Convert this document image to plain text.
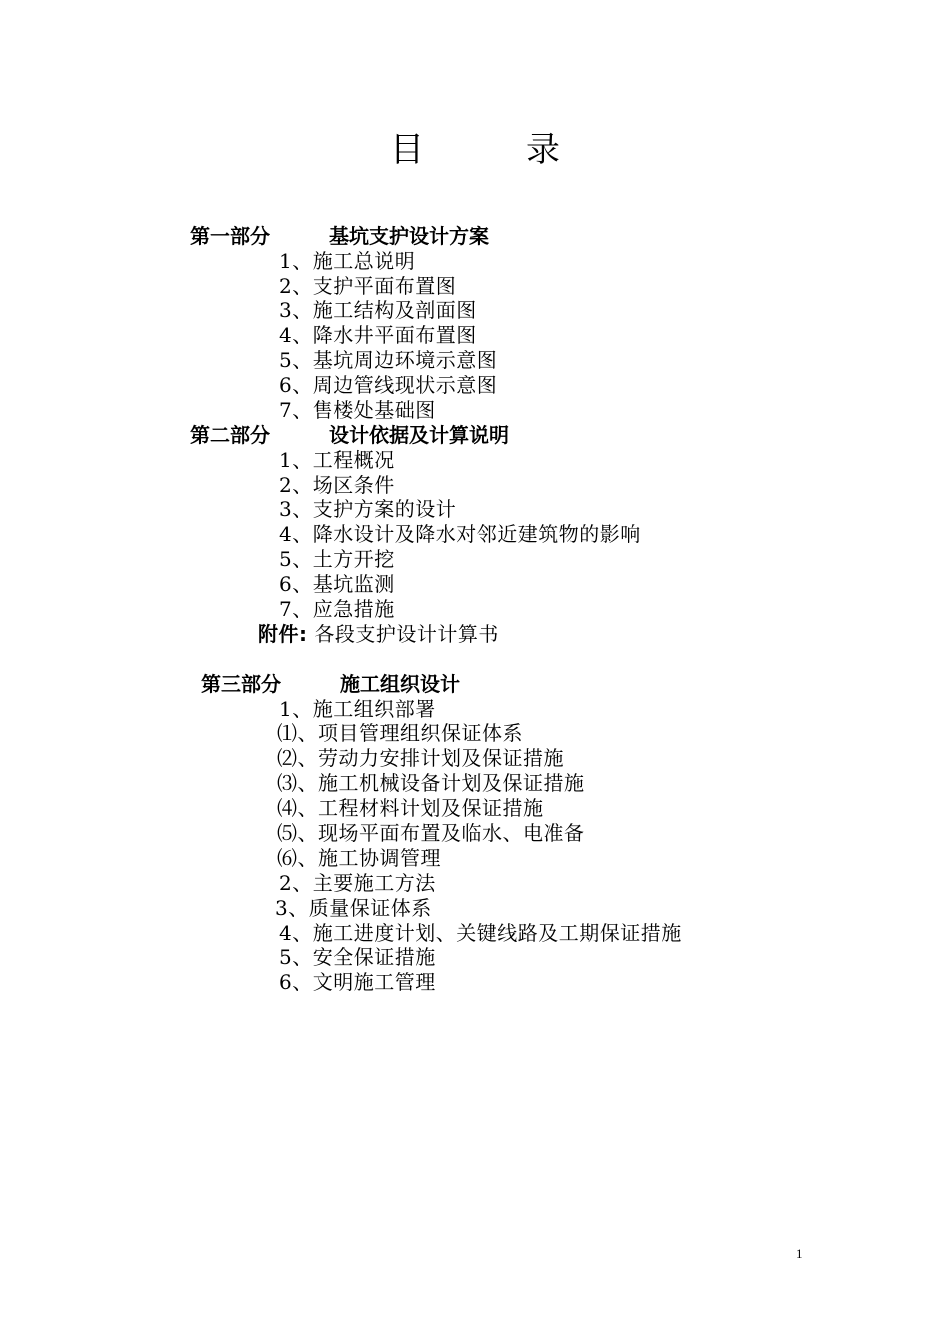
目　　　录
第一部分	基坑支护设计方案
1、施工总说明
2、支护平面布置图
3、施工结构及剖面图
4、降水井平面布置图
5、基坑周边环境示意图
6、周边管线现状示意图
7、售楼处基础图
第二部分	设计依据及计算说明
1、工程概况
2、场区条件
3、支护方案的设计
4、降水设计及降水对邻近建筑物的影响
5、土方开挖
6、基坑监测
7、应急措施
附件: 各段支护设计计算书
第三部分	施工组织设计
1、施工组织部署
⑴、项目管理组织保证体系
⑵、劳动力安排计划及保证措施
⑶、施工机械设备计划及保证措施
⑷、工程材料计划及保证措施
⑸、现场平面布置及临水、电准备
⑹、施工协调管理
2、主要施工方法
3、质量保证体系
4、施工进度计划、关键线路及工期保证措施
5、安全保证措施
6、文明施工管理
1
